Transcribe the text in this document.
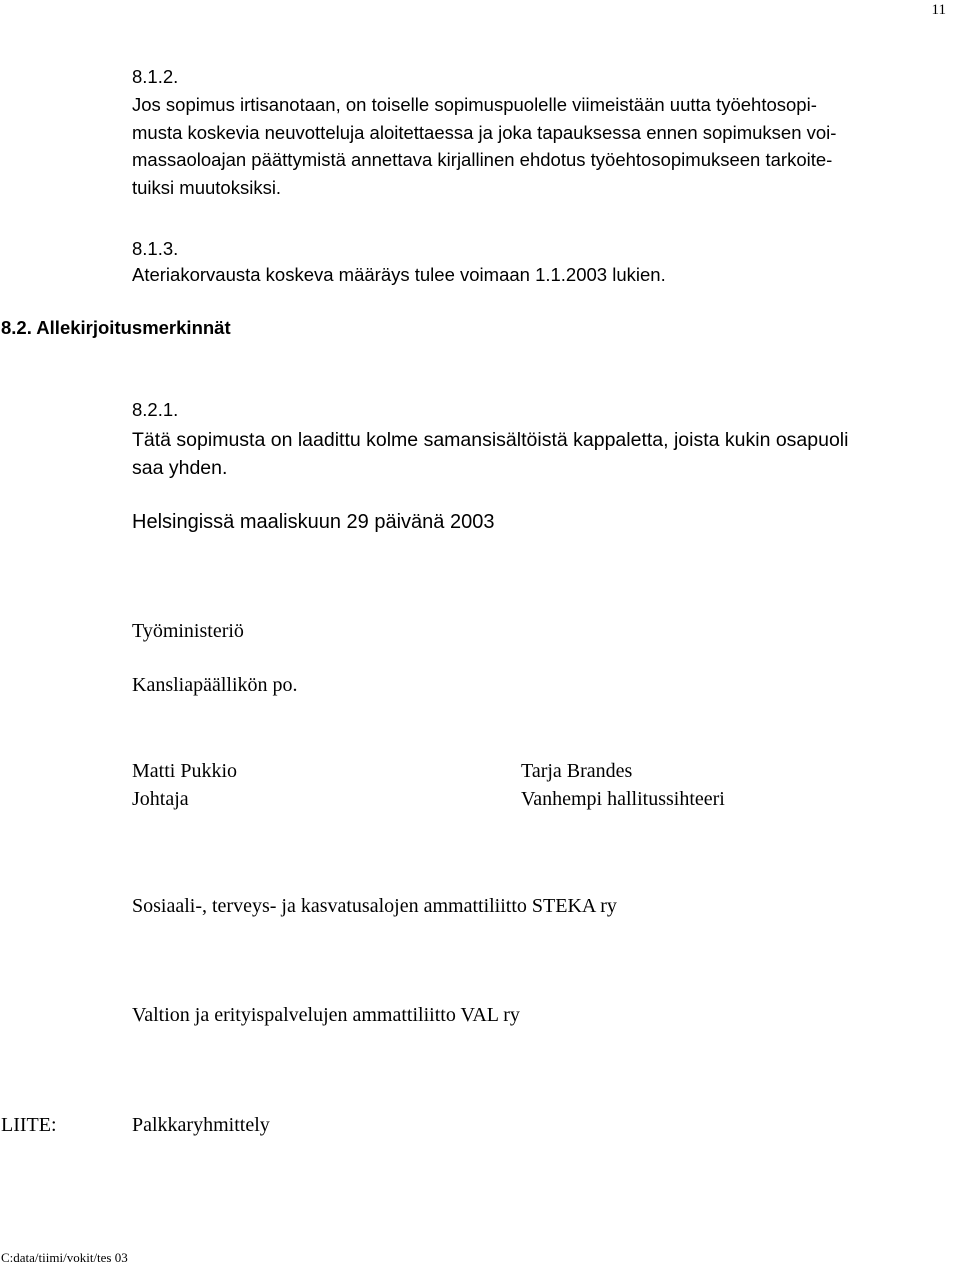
11
8.1.2.
Jos sopimus irtisanotaan, on toiselle sopimuspuolelle viimeistään uutta työehtosopi-
musta koskevia neuvotteluja aloitettaessa ja joka tapauksessa ennen sopimuksen voi-
massaoloajan päättymistä annettava kirjallinen ehdotus työehtosopimukseen tarkoite-
tuiksi muutoksiksi.
8.1.3.
Ateriakorvausta koskeva määräys tulee voimaan 1.1.2003 lukien.
8.2. Allekirjoitusmerkinnät
8.2.1.
Tätä sopimusta on laadittu kolme samansisältöistä kappaletta, joista kukin osapuoli
saa yhden.
Helsingissä maaliskuun 29 päivänä 2003
Työministeriö
Kansliapäällikön po.
Matti Pukkio
Johtaja
Tarja Brandes
Vanhempi hallitussihteeri
Sosiaali-, terveys- ja kasvatusalojen ammattiliitto STEKA ry
Valtion ja erityispalvelujen ammattiliitto VAL ry
LIITE:	Palkkaryhmittely
C:data/tiimi/vokit/tes 03
